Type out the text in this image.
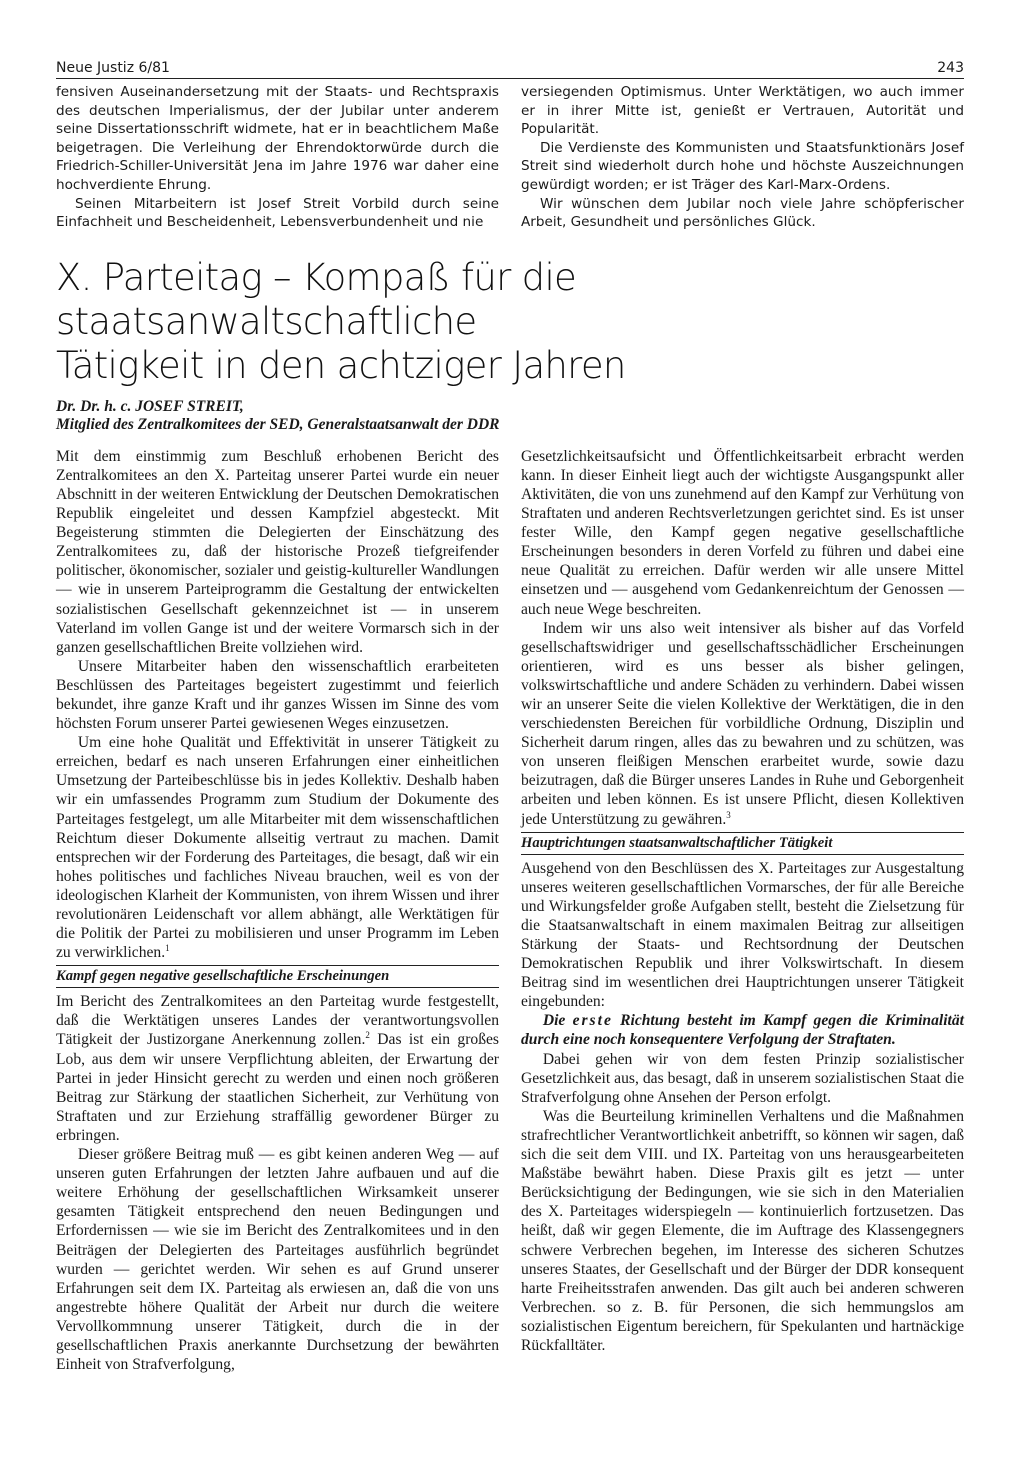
Neue Justiz 6/81	243

fensiven Auseinandersetzung mit der Staats- und Rechtspraxis des deutschen Imperialismus, der der Jubilar unter anderem seine Dissertationsschrift widmete, hat er in beachtlichem Maße beigetragen. Die Verleihung der Ehrendoktorwürde durch die Friedrich-Schiller-Universität Jena im Jahre 1976 war daher eine hochverdiente Ehrung.

Seinen Mitarbeitern ist Josef Streit Vorbild durch seine Einfachheit und Bescheidenheit, Lebensverbundenheit und nie

versiegenden Optimismus. Unter Werktätigen, wo auch immer er in ihrer Mitte ist, genießt er Vertrauen, Autorität und Popularität.

Die Verdienste des Kommunisten und Staatsfunktionärs Josef Streit sind wiederholt durch hohe und höchste Auszeichnungen gewürdigt worden; er ist Träger des Karl-Marx-Ordens.

Wir wünschen dem Jubilar noch viele Jahre schöpferischer Arbeit, Gesundheit und persönliches Glück.

X. Parteitag – Kompaß für die staatsanwaltschaftliche
Tätigkeit in den achtziger Jahren
Dr. Dr. h. c. JOSEF STREIT,
Mitglied des Zentralkomitees der SED, Generalstaatsanwalt der DDR

Mit dem einstimmig zum Beschluß erhobenen Bericht des Zentralkomitees an den X. Parteitag unserer Partei wurde ein neuer Abschnitt in der weiteren Entwicklung der Deutschen Demokratischen Republik eingeleitet und dessen Kampfziel abgesteckt. Mit Begeisterung stimmten die Delegierten der Einschätzung des Zentralkomitees zu, daß der historische Prozeß tiefgreifender politischer, ökonomischer, sozialer und geistig-kultureller Wandlungen — wie in unserem Parteiprogramm die Gestaltung der entwickelten sozialistischen Gesellschaft gekennzeichnet ist — in unserem Vaterland im vollen Gange ist und der weitere Vormarsch sich in der ganzen gesellschaftlichen Breite vollziehen wird.

Unsere Mitarbeiter haben den wissenschaftlich erarbeiteten Beschlüssen des Parteitages begeistert zugestimmt und feierlich bekundet, ihre ganze Kraft und ihr ganzes Wissen im Sinne des vom höchsten Forum unserer Partei gewiesenen Weges einzusetzen.

Um eine hohe Qualität und Effektivität in unserer Tätigkeit zu erreichen, bedarf es nach unseren Erfahrungen einer einheitlichen Umsetzung der Parteibeschlüsse bis in jedes Kollektiv. Deshalb haben wir ein umfassendes Programm zum Studium der Dokumente des Parteitages festgelegt, um alle Mitarbeiter mit dem wissenschaftlichen Reichtum dieser Dokumente allseitig vertraut zu machen. Damit entsprechen wir der Forderung des Parteitages, die besagt, daß wir ein hohes politisches und fachliches Niveau brauchen, weil es von der ideologischen Klarheit der Kommunisten, von ihrem Wissen und ihrer revolutionären Leidenschaft vor allem abhängt, alle Werktätigen für die Politik der Partei zu mobilisieren und unser Programm im Leben zu verwirklichen.$^1$

Kampf gegen negative gesellschaftliche Erscheinungen

Im Bericht des Zentralkomitees an den Parteitag wurde festgestellt, daß die Werktätigen unseres Landes der verantwortungsvollen Tätigkeit der Justizorgane Anerkennung zollen.$^2$ Das ist ein großes Lob, aus dem wir unsere Verpflichtung ableiten, der Erwartung der Partei in jeder Hinsicht gerecht zu werden und einen noch größeren Beitrag zur Stärkung der staatlichen Sicherheit, zur Verhütung von Straftaten und zur Erziehung straffällig gewordener Bürger zu erbringen.

Dieser größere Beitrag muß — es gibt keinen anderen Weg — auf unseren guten Erfahrungen der letzten Jahre aufbauen und auf die weitere Erhöhung der gesellschaftlichen Wirksamkeit unserer gesamten Tätigkeit entsprechend den neuen Bedingungen und Erfordernissen — wie sie im Bericht des Zentralkomitees und in den Beiträgen der Delegierten des Parteitages ausführlich begründet wurden — gerichtet werden. Wir sehen es auf Grund unserer Erfahrungen seit dem IX. Parteitag als erwiesen an, daß die von uns angestrebte höhere Qualität der Arbeit nur durch die weitere Vervollkommnung unserer Tätigkeit, durch die in der gesellschaftlichen Praxis anerkannte Durchsetzung der bewährten Einheit von Strafverfolgung,

Gesetzlichkeitsaufsicht und Öffentlichkeitsarbeit erbracht werden kann. In dieser Einheit liegt auch der wichtigste Ausgangspunkt aller Aktivitäten, die von uns zunehmend auf den Kampf zur Verhütung von Straftaten und anderen Rechtsverletzungen gerichtet sind. Es ist unser fester Wille, den Kampf gegen negative gesellschaftliche Erscheinungen besonders in deren Vorfeld zu führen und dabei eine neue Qualität zu erreichen. Dafür werden wir alle unsere Mittel einsetzen und — ausgehend vom Gedankenreichtum der Genossen — auch neue Wege beschreiten.

Indem wir uns also weit intensiver als bisher auf das Vorfeld gesellschaftswidriger und gesellschaftsschädlicher Erscheinungen orientieren, wird es uns besser als bisher gelingen, volkswirtschaftliche und andere Schäden zu verhindern. Dabei wissen wir an unserer Seite die vielen Kollektive der Werktätigen, die in den verschiedensten Bereichen für vorbildliche Ordnung, Disziplin und Sicherheit darum ringen, alles das zu bewahren und zu schützen, was von unseren fleißigen Menschen erarbeitet wurde, sowie dazu beizutragen, daß die Bürger unseres Landes in Ruhe und Geborgenheit arbeiten und leben können. Es ist unsere Pflicht, diesen Kollektiven jede Unterstützung zu gewähren.$^3$

Hauptrichtungen staatsanwaltschaftlicher Tätigkeit

Ausgehend von den Beschlüssen des X. Parteitages zur Ausgestaltung unseres weiteren gesellschaftlichen Vormarsches, der für alle Bereiche und Wirkungsfelder große Aufgaben stellt, besteht die Zielsetzung für die Staatsanwaltschaft in einem maximalen Beitrag zur allseitigen Stärkung der Staats- und Rechtsordnung der Deutschen Demokratischen Republik und ihrer Volkswirtschaft. In diesem Beitrag sind im wesentlichen drei Hauptrichtungen unserer Tätigkeit eingebunden:

Die erste Richtung besteht im Kampf gegen die Kriminalität durch eine noch konsequentere Verfolgung der Straftaten.

Dabei gehen wir von dem festen Prinzip sozialistischer Gesetzlichkeit aus, das besagt, daß in unserem sozialistischen Staat die Strafverfolgung ohne Ansehen der Person erfolgt.

Was die Beurteilung kriminellen Verhaltens und die Maßnahmen strafrechtlicher Verantwortlichkeit anbetrifft, so können wir sagen, daß sich die seit dem VIII. und IX. Parteitag von uns herausgearbeiteten Maßstäbe bewährt haben. Diese Praxis gilt es jetzt — unter Berücksichtigung der Bedingungen, wie sie sich in den Materialien des X. Parteitages widerspiegeln — kontinuierlich fortzusetzen. Das heißt, daß wir gegen Elemente, die im Auftrage des Klassengegners schwere Verbrechen begehen, im Interesse des sicheren Schutzes unseres Staates, der Gesellschaft und der Bürger der DDR konsequent harte Freiheitsstrafen anwenden. Das gilt auch bei anderen schweren Verbrechen. so z. B. für Personen, die sich hemmungslos am sozialistischen Eigentum bereichern, für Spekulanten und hartnäckige Rückfalltäter.
